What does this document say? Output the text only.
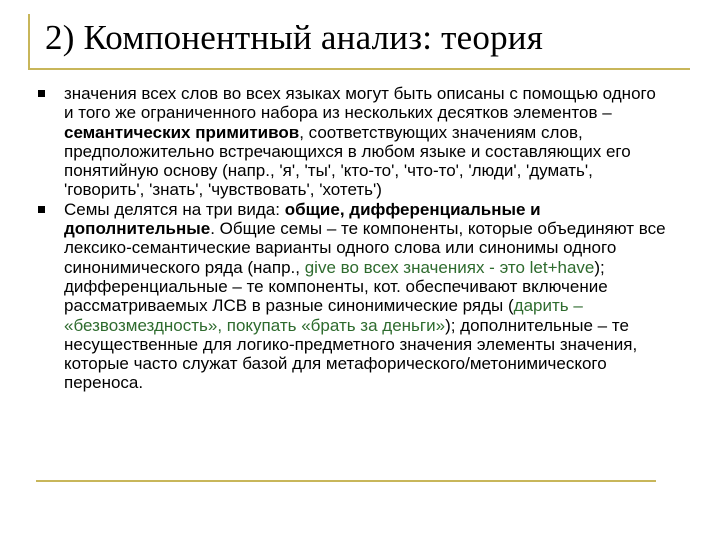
2) Компонентный анализ: теория
значения всех слов во всех языках могут быть описаны с помощью одного и того же ограниченного набора из нескольких десятков элементов – семантических примитивов, соответствующих значениям слов, предположительно встречающихся в любом языке и составляющих его понятийную основу (напр., 'я', 'ты', 'кто-то', 'что-то', 'люди', 'думать', 'говорить', 'знать', 'чувствовать', 'хотеть')
Семы делятся на три вида: общие, дифференциальные и дополнительные. Общие семы – те компоненты, которые объединяют все лексико-семантические варианты одного слова или синонимы одного синонимического ряда (напр., give во всех значениях - это let+have); дифференциальные – те компоненты, кот. обеспечивают включение рассматриваемых ЛСВ в разные синонимические ряды (дарить – «безвозмездность», покупать «брать за деньги»); дополнительные – те несущественные для логико-предметного значения элементы значения, которые часто служат базой для метафорического/метонимического переноса.
